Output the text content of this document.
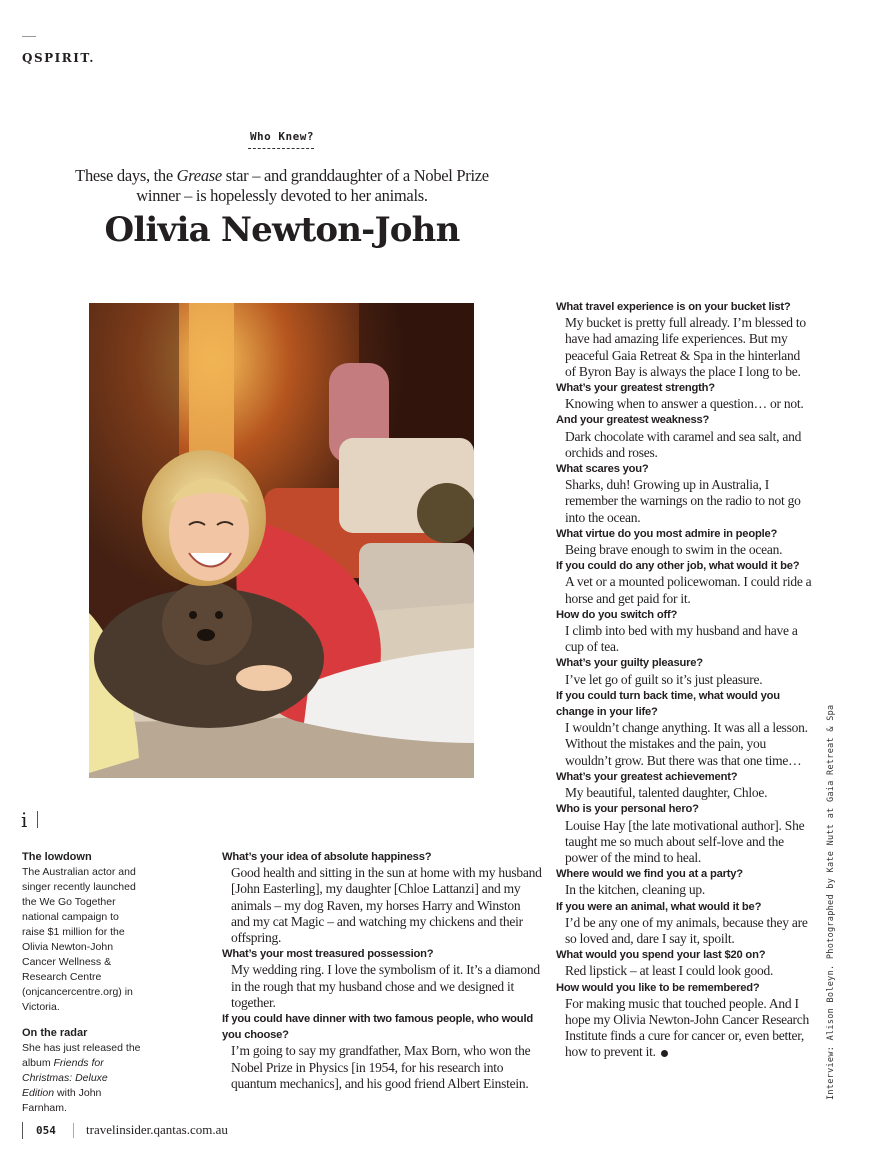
QSPIRIT.
Who Knew?
These days, the Grease star – and granddaughter of a Nobel Prize winner – is hopelessly devoted to her animals.
Olivia Newton-John
i
The lowdown

The Australian actor and singer recently launched the We Go Together national campaign to raise $1 million for the Olivia Newton-John Cancer Wellness & Research Centre (onjcancercentre.org) in Victoria.

On the radar

She has just released the album Friends for Christmas: Deluxe Edition with John Farnham.

What’s your idea of absolute happiness?
Good health and sitting in the sun at home with my husband [John Easterling], my daughter [Chloe Lattanzi] and my animals – my dog Raven, my horses Harry and Winston and my cat Magic – and watching my chickens and their offspring.
What’s your most treasured possession?
My wedding ring. I love the symbolism of it. It’s a diamond in the rough that my husband chose and we designed it together.
If you could have dinner with two famous people, who would you choose?
I’m going to say my grandfather, Max Born, who won the Nobel Prize in Physics [in 1954, for his research into quantum mechanics], and his good friend Albert Einstein.
What travel experience is on your bucket list?
My bucket is pretty full already. I’m blessed to have had amazing life experiences. But my peaceful Gaia Retreat & Spa in the hinterland of Byron Bay is always the place I long to be.
What’s your greatest strength?
Knowing when to answer a question… or not.
And your greatest weakness?
Dark chocolate with caramel and sea salt, and orchids and roses.
What scares you?
Sharks, duh! Growing up in Australia, I remember the warnings on the radio to not go into the ocean.
What virtue do you most admire in people?
Being brave enough to swim in the ocean.
If you could do any other job, what would it be?
A vet or a mounted policewoman. I could ride a horse and get paid for it.
How do you switch off?
I climb into bed with my husband and have a cup of tea.
What’s your guilty pleasure?
I’ve let go of guilt so it’s just pleasure.
If you could turn back time, what would you change in your life?
I wouldn’t change anything. It was all a lesson. Without the mistakes and the pain, you wouldn’t grow. But there was that one time…
What’s your greatest achievement?
My beautiful, talented daughter, Chloe.
Who is your personal hero?
Louise Hay [the late motivational author]. She taught me so much about self-love and the power of the mind to heal.
Where would we find you at a party?
In the kitchen, cleaning up.
If you were an animal, what would it be?
I’d be any one of my animals, because they are so loved and, dare I say it, spoilt.
What would you spend your last $20 on?
Red lipstick – at least I could look good.
How would you like to be remembered?
For making music that touched people. And I hope my Olivia Newton-John Cancer Research Institute finds a cure for cancer or, even better, how to prevent it.	Interview: Alison Boleyn. Photographed by Kate Nutt at Gaia Retreat & Spa
054 travelinsider.qantas.com.au
